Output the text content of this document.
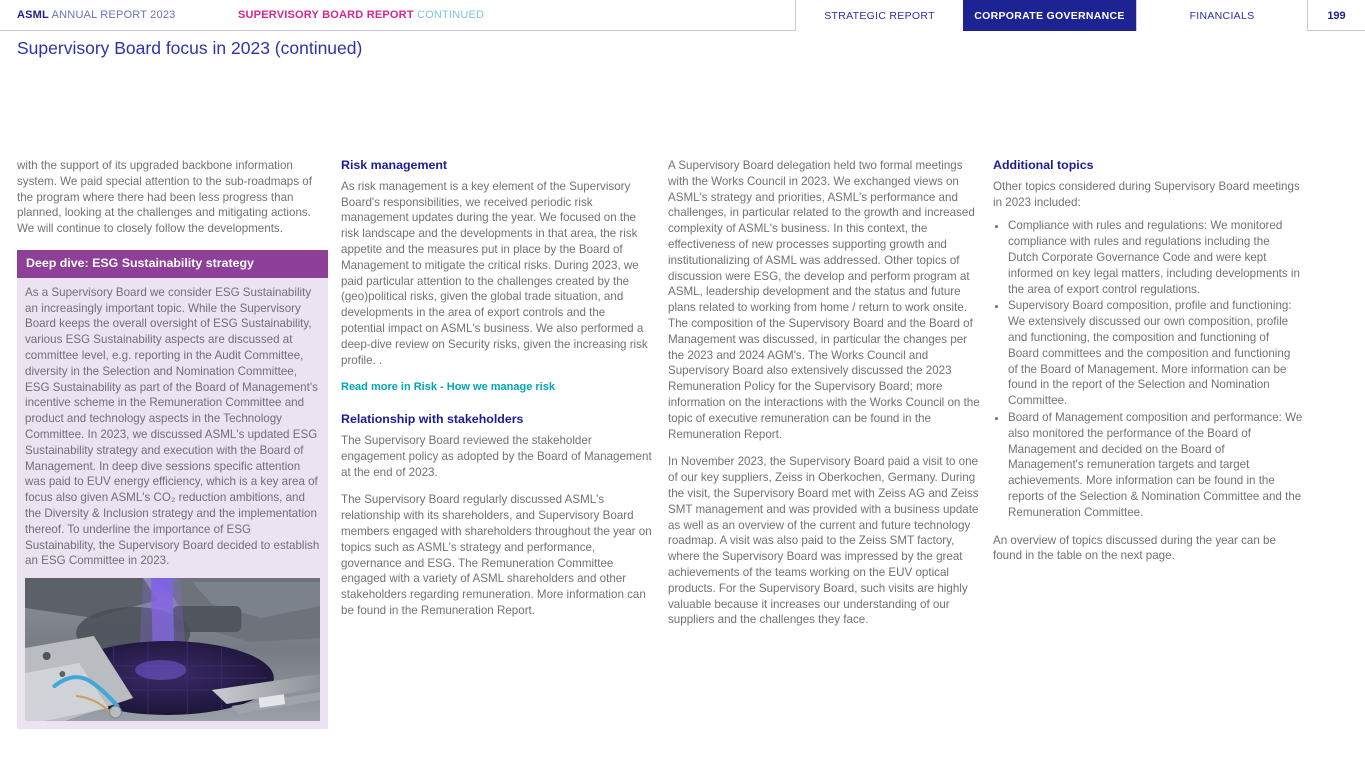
ASML ANNUAL REPORT 2023	SUPERVISORY BOARD REPORT CONTINUED	STRATEGIC REPORT	CORPORATE GOVERNANCE	FINANCIALS	199
Supervisory Board focus in 2023 (continued)

with the support of its upgraded backbone information system. We paid special attention to the sub-roadmaps of the program where there had been less progress than planned, looking at the challenges and mitigating actions. We will continue to closely follow the developments.

Deep dive: ESG Sustainability strategy
As a Supervisory Board we consider ESG Sustainability an increasingly important topic. While the Supervisory Board keeps the overall oversight of ESG Sustainability, various ESG Sustainability aspects are discussed at committee level, e.g. reporting in the Audit Committee, diversity in the Selection and Nomination Committee, ESG Sustainability as part of the Board of Management's incentive scheme in the Remuneration Committee and product and technology aspects in the Technology Committee. In 2023, we discussed ASML's updated ESG Sustainability strategy and execution with the Board of Management. In deep dive sessions specific attention was paid to EUV energy efficiency, which is a key area of focus also given ASML's CO₂ reduction ambitions, and the Diversity & Inclusion strategy and the implementation thereof. To underline the importance of ESG Sustainability, the Supervisory Board decided to establish an ESG Committee in 2023.
Risk management

As risk management is a key element of the Supervisory Board's responsibilities, we received periodic risk management updates during the year. We focused on the risk landscape and the developments in that area, the risk appetite and the measures put in place by the Board of Management to mitigate the critical risks. During 2023, we paid particular attention to the challenges created by the (geo)political risks, given the global trade situation, and developments in the area of export controls and the potential impact on ASML's business. We also performed a deep-dive review on Security risks, given the increasing risk profile. .

Read more in Risk - How we manage risk
Relationship with stakeholders

The Supervisory Board reviewed the stakeholder engagement policy as adopted by the Board of Management at the end of 2023.

The Supervisory Board regularly discussed ASML's relationship with its shareholders, and Supervisory Board members engaged with shareholders throughout the year on topics such as ASML's strategy and performance, governance and ESG. The Remuneration Committee engaged with a variety of ASML shareholders and other stakeholders regarding remuneration. More information can be found in the Remuneration Report.

A Supervisory Board delegation held two formal meetings with the Works Council in 2023. We exchanged views on ASML's strategy and priorities, ASML's performance and challenges, in particular related to the growth and increased complexity of ASML's business. In this context, the effectiveness of new processes supporting growth and institutionalizing of ASML was addressed. Other topics of discussion were ESG, the develop and perform program at ASML, leadership development and the status and future plans related to working from home / return to work onsite. The composition of the Supervisory Board and the Board of Management was discussed, in particular the changes per the 2023 and 2024 AGM's. The Works Council and Supervisory Board also extensively discussed the 2023 Remuneration Policy for the Supervisory Board; more information on the interactions with the Works Council on the topic of executive remuneration can be found in the Remuneration Report.

In November 2023, the Supervisory Board paid a visit to one of our key suppliers, Zeiss in Oberkochen, Germany. During the visit, the Supervisory Board met with Zeiss AG and Zeiss SMT management and was provided with a business update as well as an overview of the current and future technology roadmap. A visit was also paid to the Zeiss SMT factory, where the Supervisory Board was impressed by the great achievements of the teams working on the EUV optical products. For the Supervisory Board, such visits are highly valuable because it increases our understanding of our suppliers and the challenges they face.

Additional topics

Other topics considered during Supervisory Board meetings in 2023 included:

• Compliance with rules and regulations: We monitored compliance with rules and regulations including the Dutch Corporate Governance Code and were kept informed on key legal matters, including developments in the area of export control regulations.
• Supervisory Board composition, profile and functioning: We extensively discussed our own composition, profile and functioning, the composition and functioning of Board committees and the composition and functioning of the Board of Management. More information can be found in the report of the Selection and Nomination Committee.
• Board of Management composition and performance: We also monitored the performance of the Board of Management and decided on the Board of Management's remuneration targets and target achievements. More information can be found in the reports of the Selection & Nomination Committee and the Remuneration Committee.

An overview of topics discussed during the year can be found in the table on the next page.
